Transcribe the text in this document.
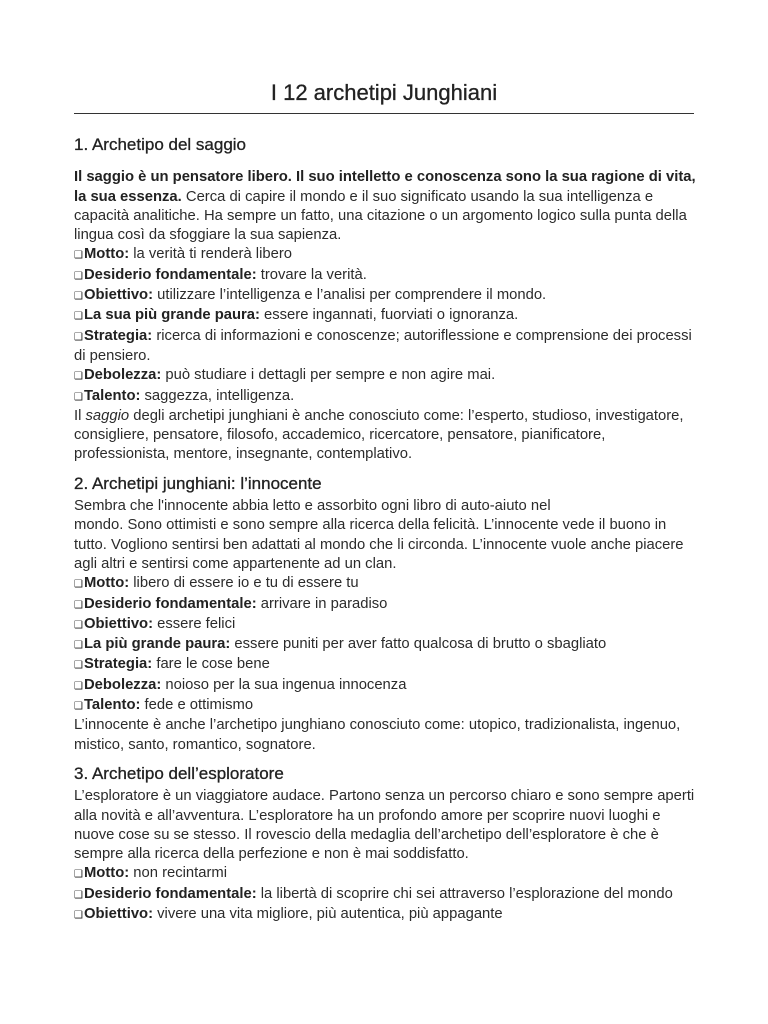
I 12 archetipi Junghiani
1. Archetipo del saggio

Il saggio è un pensatore libero. Il suo intelletto e conoscenza sono la sua ragione di vita, la sua essenza. Cerca di capire il mondo e il suo significato usando la sua intelligenza e capacità analitiche. Ha sempre un fatto, una citazione o un argomento logico sulla punta della lingua così da sfoggiare la sua sapienza.

❑ Motto: la verità ti renderà libero

❑ Desiderio fondamentale: trovare la verità.

❑ Obiettivo: utilizzare l’intelligenza e l’analisi per comprendere il mondo.

❑ La sua più grande paura: essere ingannati, fuorviati o ignoranza.

❑ Strategia: ricerca di informazioni e conoscenze; autoriflessione e comprensione dei processi di pensiero.

❑ Debolezza: può studiare i dettagli per sempre e non agire mai.

❑ Talento: saggezza, intelligenza.

Il saggio degli archetipi junghiani è anche conosciuto come: l’esperto, studioso, investigatore, consigliere, pensatore, filosofo, accademico, ricercatore, pensatore, pianificatore, professionista, mentore, insegnante, contemplativo.

2. Archetipi junghiani: l’innocente

Sembra che l'innocente abbia letto e assorbito ogni libro di auto-aiuto nel

mondo. Sono ottimisti e sono sempre alla ricerca della felicità. L’innocente vede il buono in tutto. Vogliono sentirsi ben adattati al mondo che li circonda. L’innocente vuole anche piacere agli altri e sentirsi come appartenente ad un clan.

❑ Motto: libero di essere io e tu di essere tu

❑ Desiderio fondamentale: arrivare in paradiso

❑ Obiettivo: essere felici

❑ La più grande paura: essere puniti per aver fatto qualcosa di brutto o sbagliato

❑ Strategia: fare le cose bene

❑ Debolezza: noioso per la sua ingenua innocenza

❑ Talento: fede e ottimismo

L’innocente è anche l’archetipo junghiano conosciuto come: utopico, tradizionalista, ingenuo, mistico, santo, romantico, sognatore.

3. Archetipo dell’esploratore

L’esploratore è un viaggiatore audace. Partono senza un percorso chiaro e sono sempre aperti alla novità e all’avventura. L’esploratore ha un profondo amore per scoprire nuovi luoghi e nuove cose su se stesso. Il rovescio della medaglia dell’archetipo dell’esploratore è che è sempre alla ricerca della perfezione e non è mai soddisfatto.

❑ Motto: non recintarmi

❑ Desiderio fondamentale: la libertà di scoprire chi sei attraverso l’esplorazione del mondo

❑ Obiettivo: vivere una vita migliore, più autentica, più appagante
